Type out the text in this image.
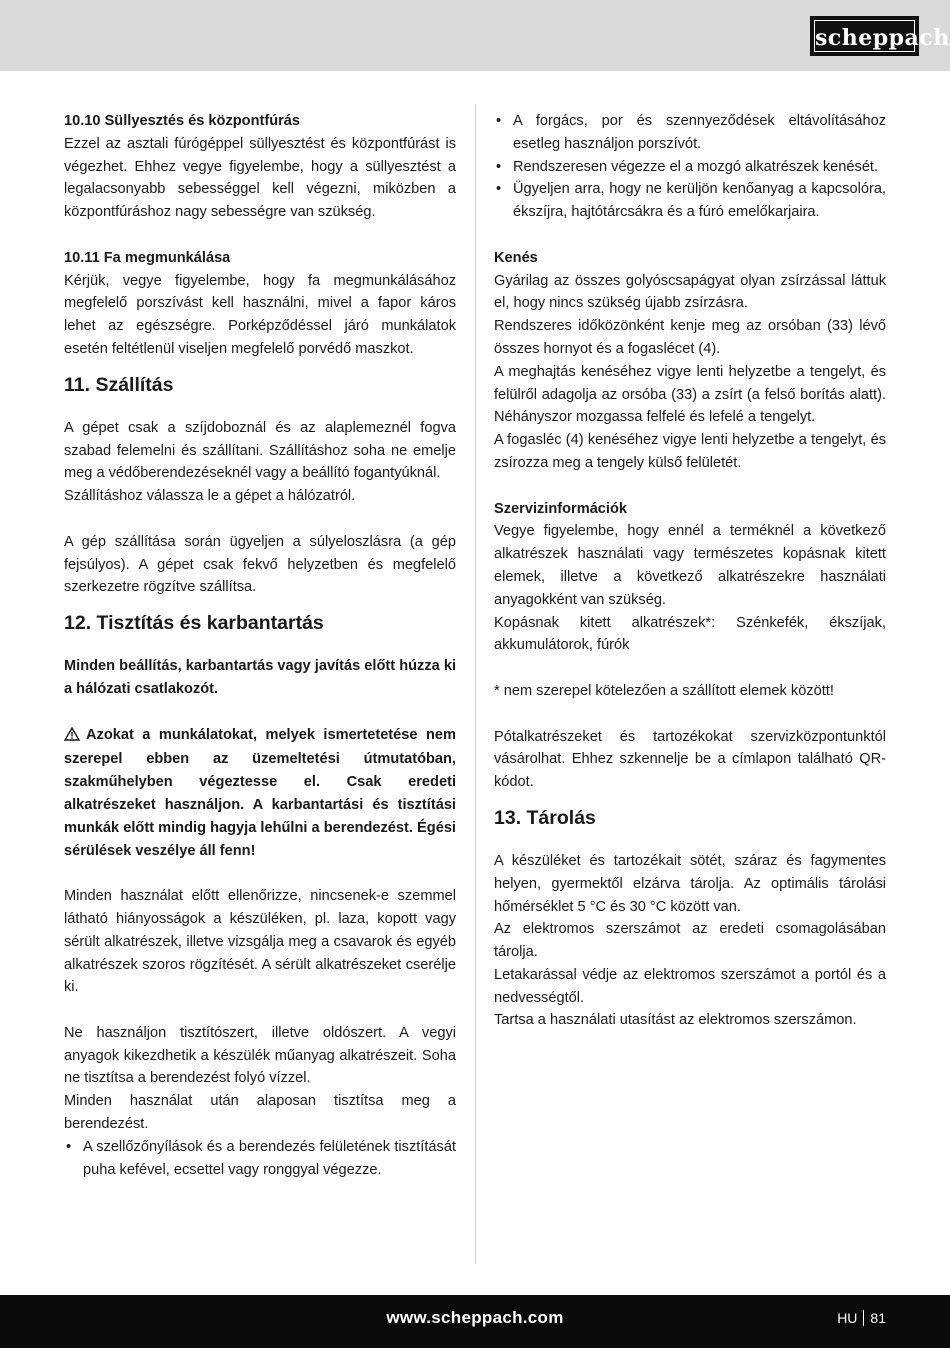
scheppach

10.10 Süllyesztés és központfúrás

Ezzel az asztali fúrógéppel süllyesztést és központfúrást is végezhet. Ehhez vegye figyelembe, hogy a süllyesztést a legalacsonyabb sebességgel kell végezni, miközben a központfúráshoz nagy sebességre van szükség.

10.11 Fa megmunkálása

Kérjük, vegye figyelembe, hogy fa megmunkálásához megfelelő porszívást kell használni, mivel a fapor káros lehet az egészségre. Porképződéssel járó munkálatok esetén feltétlenül viseljen megfelelő porvédő maszkot.

11. Szállítás

A gépet csak a szíjdoboznál és az alaplemeznél fogva szabad felemelni és szállítani. Szállításhoz soha ne emelje meg a védőberendezéseknél vagy a beállító fogantyúknál.

Szállításhoz válassza le a gépet a hálózatról.

A gép szállítása során ügyeljen a súlyeloszlásra (a gép fejsúlyos). A gépet csak fekvő helyzetben és megfelelő szerkezetre rögzítve szállítsa.

12. Tisztítás és karbantartás

Minden beállítás, karbantartás vagy javítás előtt húzza ki a hálózati csatlakozót.

Azokat a munkálatokat, melyek ismertetetése nem szerepel ebben az üzemeltetési útmutatóban, szakműhelyben végeztesse el. Csak eredeti alkatrészeket használjon. A karbantartási és tisztítási munkák előtt mindig hagyja lehűlni a berendezést. Égési sérülések veszélye áll fenn!

Minden használat előtt ellenőrizze, nincsenek-e szemmel látható hiányosságok a készüléken, pl. laza, kopott vagy sérült alkatrészek, illetve vizsgálja meg a csavarok és egyéb alkatrészek szoros rögzítését. A sérült alkatrészeket cserélje ki.

Ne használjon tisztítószert, illetve oldószert. A vegyi anyagok kikezdhetik a készülék műanyag alkatrészeit. Soha ne tisztítsa a berendezést folyó vízzel.

Minden használat után alaposan tisztítsa meg a berendezést.

• A szellőzőnyílások és a berendezés felületének tisztítását puha kefével, ecsettel vagy ronggyal végezze.
• A forgács, por és szennyeződések eltávolításához esetleg használjon porszívót.
• Rendszeresen végezze el a mozgó alkatrészek kenését.
• Ügyeljen arra, hogy ne kerüljön kenőanyag a kapcsolóra, ékszíjra, hajtótárcsákra és a fúró emelőkarjaira.

Kenés

Gyárilag az összes golyóscsapágyat olyan zsírzással láttuk el, hogy nincs szükség újabb zsírzásra.

Rendszeres időközönként kenje meg az orsóban (33) lévő összes hornyot és a fogaslécet (4).

A meghajtás kenéséhez vigye lenti helyzetbe a tengelyt, és felülről adagolja az orsóba (33) a zsírt (a felső borítás alatt). Néhányszor mozgassa felfelé és lefelé a tengelyt.

A fogasléc (4) kenéséhez vigye lenti helyzetbe a tengelyt, és zsírozza meg a tengely külső felületét.

Szervizinformációk

Vegye figyelembe, hogy ennél a terméknél a következő alkatrészek használati vagy természetes kopásnak kitett elemek, illetve a következő alkatrészekre használati anyagokként van szükség.

Kopásnak kitett alkatrészek*: Szénkefék, ékszíjak, akkumulátorok, fúrók

* nem szerepel kötelezően a szállított elemek között!

Pótalkatrészeket és tartozékokat szervizközpontunktól vásárolhat. Ehhez szkennelje be a címlapon található QR-kódot.

13. Tárolás

A készüléket és tartozékait sötét, száraz és fagymentes helyen, gyermektől elzárva tárolja. Az optimális tárolási hőmérséklet 5 °C és 30 °C között van.

Az elektromos szerszámot az eredeti csomagolásában tárolja.

Letakarással védje az elektromos szerszámot a portól és a nedvességtől.

Tartsa a használati utasítást az elektromos szerszámon.

www.scheppach.com	HU 81
